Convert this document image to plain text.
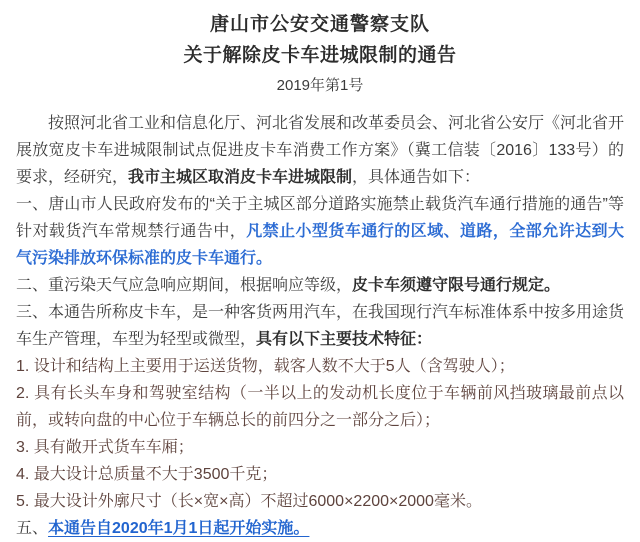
唐山市公安交通警察支队
关于解除皮卡车进城限制的通告
2019年第1号

按照河北省工业和信息化厅、河北省发展和改革委员会、河北省公安厅《河北省开展放宽皮卡车进城限制试点促进皮卡车消费工作方案》（冀工信装〔2016〕133号）的要求，经研究，我市主城区取消皮卡车进城限制，具体通告如下：

一、唐山市人民政府发布的“关于主城区部分道路实施禁止载货汽车通行措施的通告”等针对载货汽车常规禁行通告中，凡禁止小型货车通行的区域、道路，全部允许达到大气污染排放环保标准的皮卡车通行。

二、重污染天气应急响应期间，根据响应等级，皮卡车须遵守限号通行规定。

三、本通告所称皮卡车，是一种客货两用汽车，在我国现行汽车标准体系中按多用途货车生产管理，车型为轻型或微型，具有以下主要技术特征：

1. 设计和结构上主要用于运送货物，载客人数不大于5人（含驾驶人）；

2. 具有长头车身和驾驶室结构（一半以上的发动机长度位于车辆前风挡玻璃最前点以前，或转向盘的中心位于车辆总长的前四分之一部分之后）；

3. 具有敞开式货车车厢；

4. 最大设计总质量不大于3500千克；

5. 最大设计外廓尺寸（长×宽×高）不超过6000×2200×2000毫米。

五、本通告自2020年1月1日起开始实施。
